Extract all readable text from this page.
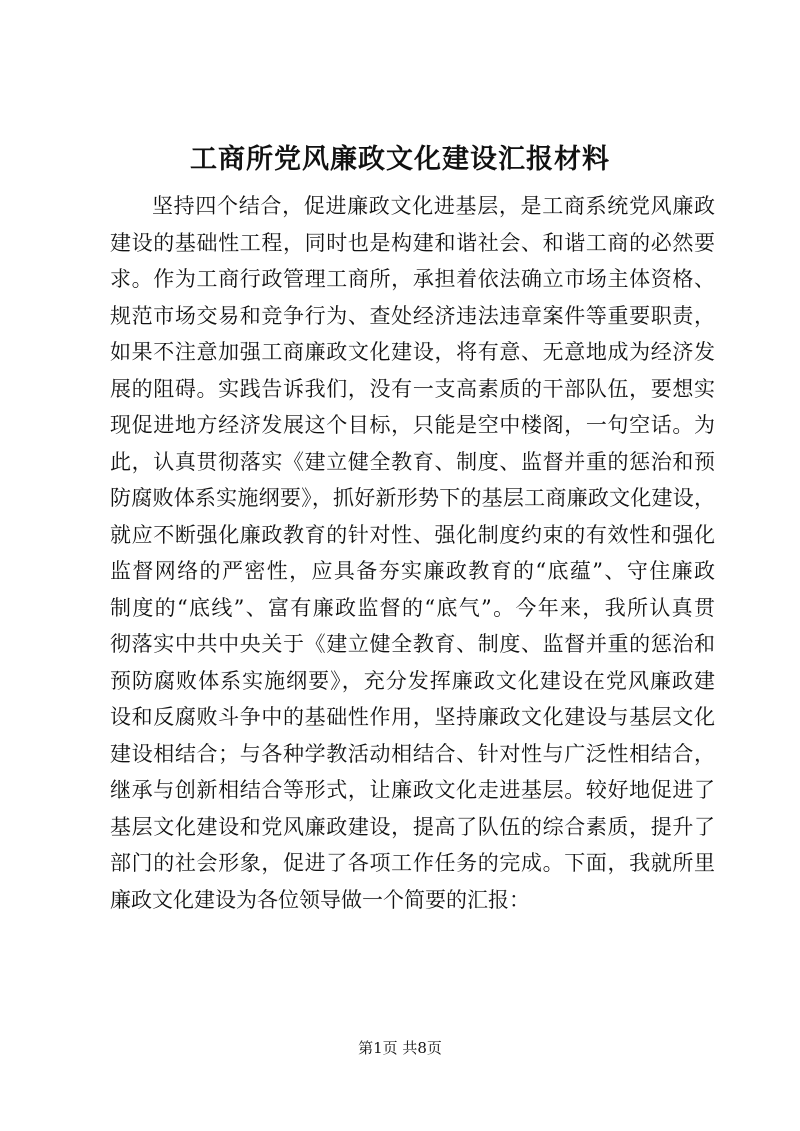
工商所党风廉政文化建设汇报材料
坚持四个结合，促进廉政文化进基层，是工商系统党风廉政
建设的基础性工程，同时也是构建和谐社会、和谐工商的必然要
求。作为工商行政管理工商所，承担着依法确立市场主体资格、
规范市场交易和竞争行为、查处经济违法违章案件等重要职责，
如果不注意加强工商廉政文化建设，将有意、无意地成为经济发
展的阻碍。实践告诉我们，没有一支高素质的干部队伍，要想实
现促进地方经济发展这个目标，只能是空中楼阁，一句空话。为
此，认真贯彻落实《建立健全教育、制度、监督并重的惩治和预
防腐败体系实施纲要》，抓好新形势下的基层工商廉政文化建设，
就应不断强化廉政教育的针对性、强化制度约束的有效性和强化
监督网络的严密性，应具备夯实廉政教育的“底蕴”、守住廉政
制度的“底线”、富有廉政监督的“底气”。今年来，我所认真贯
彻落实中共中央关于《建立健全教育、制度、监督并重的惩治和
预防腐败体系实施纲要》，充分发挥廉政文化建设在党风廉政建
设和反腐败斗争中的基础性作用，坚持廉政文化建设与基层文化
建设相结合；与各种学教活动相结合、针对性与广泛性相结合，
继承与创新相结合等形式，让廉政文化走进基层。较好地促进了
基层文化建设和党风廉政建设，提高了队伍的综合素质，提升了
部门的社会形象，促进了各项工作任务的完成。下面，我就所里
廉政文化建设为各位领导做一个简要的汇报：
第1页 共8页
